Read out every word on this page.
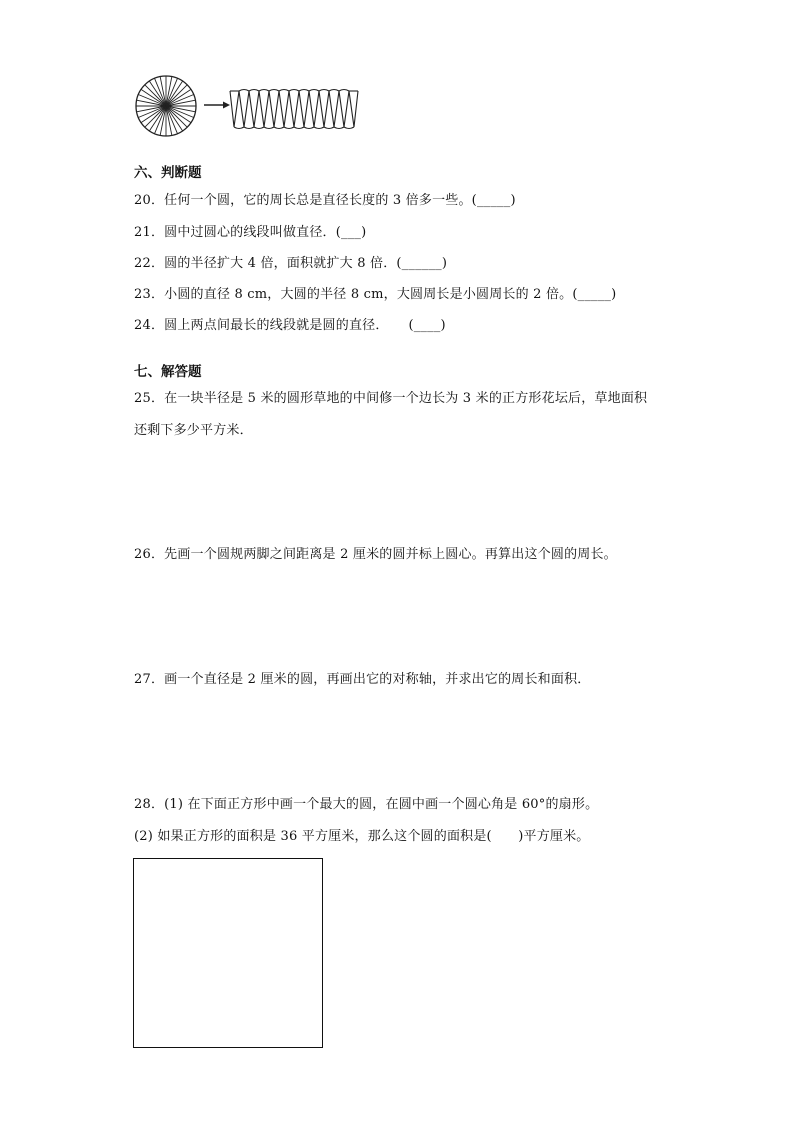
六、判断题
20．任何一个圆，它的周长总是直径长度的 3 倍多一些。(_____)
21．圆中过圆心的线段叫做直径．(___)
22．圆的半径扩大 4 倍，面积就扩大 8 倍．(______)
23．小圆的直径 8 cm，大圆的半径 8 cm，大圆周长是小圆周长的 2 倍。(_____)
24．圆上两点间最长的线段就是圆的直径．　　(____)
七、解答题
25．在一块半径是 5 米的圆形草地的中间修一个边长为 3 米的正方形花坛后，草地面积
还剩下多少平方米．
26．先画一个圆规两脚之间距离是 2 厘米的圆并标上圆心。再算出这个圆的周长。
27．画一个直径是 2 厘米的圆，再画出它的对称轴，并求出它的周长和面积．
28．(1) 在下面正方形中画一个最大的圆，在圆中画一个圆心角是 60°的扇形。
(2) 如果正方形的面积是 36 平方厘米，那么这个圆的面积是(　　)平方厘米。
